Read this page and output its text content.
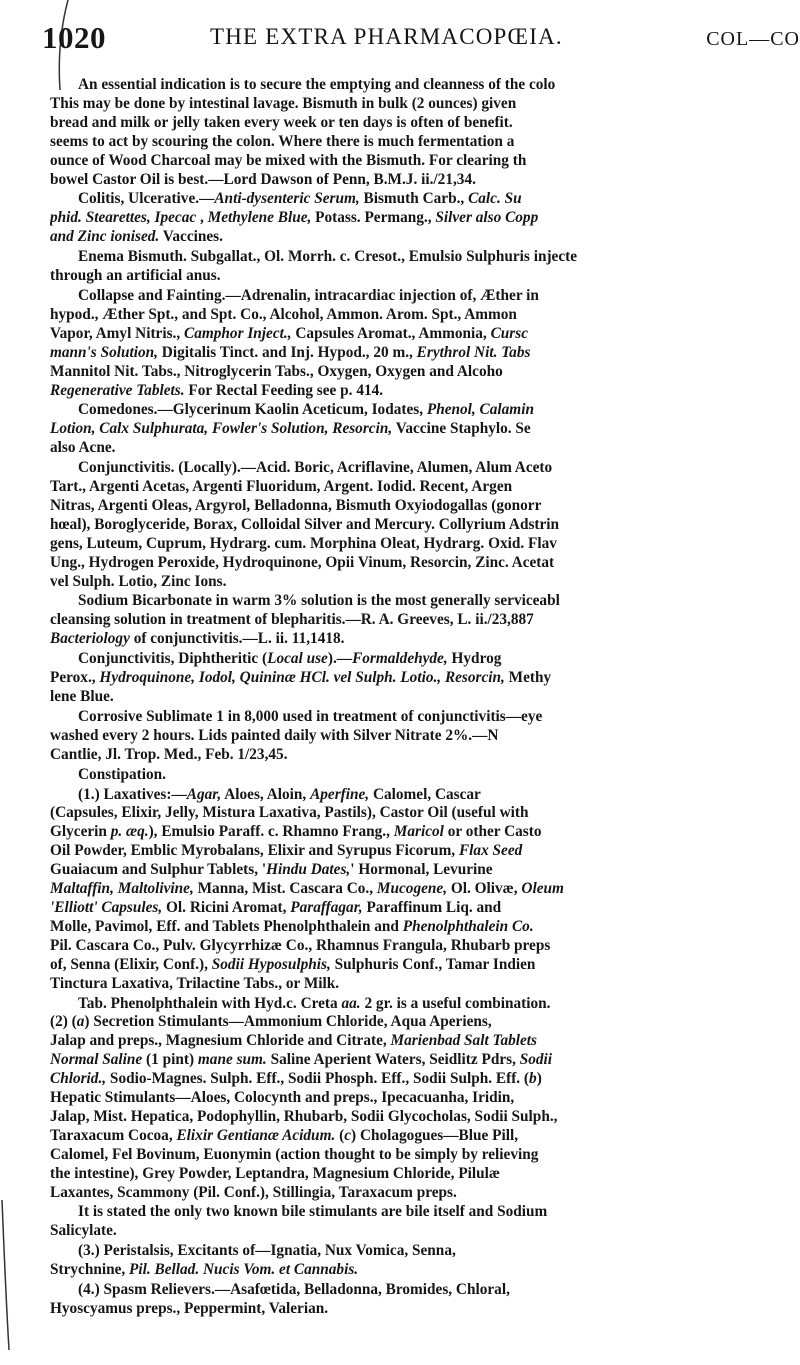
1020	THE EXTRA PHARMACOPŒIA.	COL—CO
An essential indication is to secure the emptying and cleanness of the colo
This may be done by intestinal lavage. Bismuth in bulk (2 ounces) given
bread and milk or jelly taken every week or ten days is often of benefit.
seems to act by scouring the colon. Where there is much fermentation a
ounce of Wood Charcoal may be mixed with the Bismuth. For clearing th
bowel Castor Oil is best.—Lord Dawson of Penn, B.M.J. ii./21,34.
Colitis, Ulcerative.—Anti-dysenteric Serum, Bismuth Carb., Calc. Su
phid. Stearettes, Ipecac , Methylene Blue, Potass. Permang., Silver also Copp
and Zinc ionised. Vaccines.
Enema Bismuth. Subgallat., Ol. Morrh. c. Cresot., Emulsio Sulphuris injecte
through an artificial anus.
Collapse and Fainting.—Adrenalin, intracardiac injection of, Æther in
hypod., Æther Spt., and Spt. Co., Alcohol, Ammon. Arom. Spt., Ammon
Vapor, Amyl Nitris., Camphor Inject., Capsules Aromat., Ammonia, Cursc
mann's Solution, Digitalis Tinct. and Inj. Hypod., 20 m., Erythrol Nit. Tabs
Mannitol Nit. Tabs., Nitroglycerin Tabs., Oxygen, Oxygen and Alcoho
Regenerative Tablets. For Rectal Feeding see p. 414.
Comedones.—Glycerinum Kaolin Aceticum, Iodates, Phenol, Calamin
Lotion, Calx Sulphurata, Fowler's Solution, Resorcin, Vaccine Staphylo. Se
also Acne.
Conjunctivitis. (Locally).—Acid. Boric, Acriflavine, Alumen, Alum Aceto
Tart., Argenti Acetas, Argenti Fluoridum, Argent. Iodid. Recent, Argen
Nitras, Argenti Oleas, Argyrol, Belladonna, Bismuth Oxyiodogallas (gonorr
hœal), Boroglyceride, Borax, Colloidal Silver and Mercury. Collyrium Adstrin
gens, Luteum, Cuprum, Hydrarg. cum. Morphina Oleat, Hydrarg. Oxid. Flav
Ung., Hydrogen Peroxide, Hydroquinone, Opii Vinum, Resorcin, Zinc. Acetat
vel Sulph. Lotio, Zinc Ions.
Sodium Bicarbonate in warm 3% solution is the most generally serviceabl
cleansing solution in treatment of blepharitis.—R. A. Greeves, L. ii./23,887
Bacteriology of conjunctivitis.—L. ii. 11,1418.
Conjunctivitis, Diphtheritic (Local use).—Formaldehyde, Hydrog
Perox., Hydroquinone, Iodol, Quininæ HCl. vel Sulph. Lotio., Resorcin, Methy
lene Blue.
Corrosive Sublimate 1 in 8,000 used in treatment of conjunctivitis—eye
washed every 2 hours. Lids painted daily with Silver Nitrate 2%.—N
Cantlie, Jl. Trop. Med., Feb. 1/23,45.
Constipation.
(1.) Laxatives:—Agar, Aloes, Aloin, Aperfine, Calomel, Cascar
(Capsules, Elixir, Jelly, Mistura Laxativa, Pastils), Castor Oil (useful with
Glycerin p. æq.), Emulsio Paraff. c. Rhamno Frang., Maricol or other Casto
Oil Powder, Emblic Myrobalans, Elixir and Syrupus Ficorum, Flax Seed
Guaiacum and Sulphur Tablets, 'Hindu Dates,' Hormonal, Levurine
Maltaffin, Maltolivine, Manna, Mist. Cascara Co., Mucogene, Ol. Olivæ, Oleum
'Elliott' Capsules, Ol. Ricini Aromat, Paraffagar, Paraffinum Liq. and
Molle, Pavimol, Eff. and Tablets Phenolphthalein and Phenolphthalein Co.
Pil. Cascara Co., Pulv. Glycyrrhizæ Co., Rhamnus Frangula, Rhubarb preps
of, Senna (Elixir, Conf.), Sodii Hyposulphis, Sulphuris Conf., Tamar Indien
Tinctura Laxativa, Trilactine Tabs., or Milk.
Tab. Phenolphthalein with Hyd.c. Creta aa. 2 gr. is a useful combination.
(2) (a) Secretion Stimulants—Ammonium Chloride, Aqua Aperiens,
Jalap and preps., Magnesium Chloride and Citrate, Marienbad Salt Tablets
Normal Saline (1 pint) mane sum. Saline Aperient Waters, Seidlitz Pdrs, Sodii
Chlorid., Sodio-Magnes. Sulph. Eff., Sodii Phosph. Eff., Sodii Sulph. Eff. (b)
Hepatic Stimulants—Aloes, Colocynth and preps., Ipecacuanha, Iridin,
Jalap, Mist. Hepatica, Podophyllin, Rhubarb, Sodii Glycocholas, Sodii Sulph.,
Taraxacum Cocoa, Elixir Gentianæ Acidum. (c) Cholagogues—Blue Pill,
Calomel, Fel Bovinum, Euonymin (action thought to be simply by relieving
the intestine), Grey Powder, Leptandra, Magnesium Chloride, Pilulæ
Laxantes, Scammony (Pil. Conf.), Stillingia, Taraxacum preps.
It is stated the only two known bile stimulants are bile itself and Sodium
Salicylate.
(3.) Peristalsis, Excitants of—Ignatia, Nux Vomica, Senna,
Strychnine, Pil. Bellad. Nucis Vom. et Cannabis.
(4.) Spasm Relievers.—Asafœtida, Belladonna, Bromides, Chloral,
Hyoscyamus preps., Peppermint, Valerian.
